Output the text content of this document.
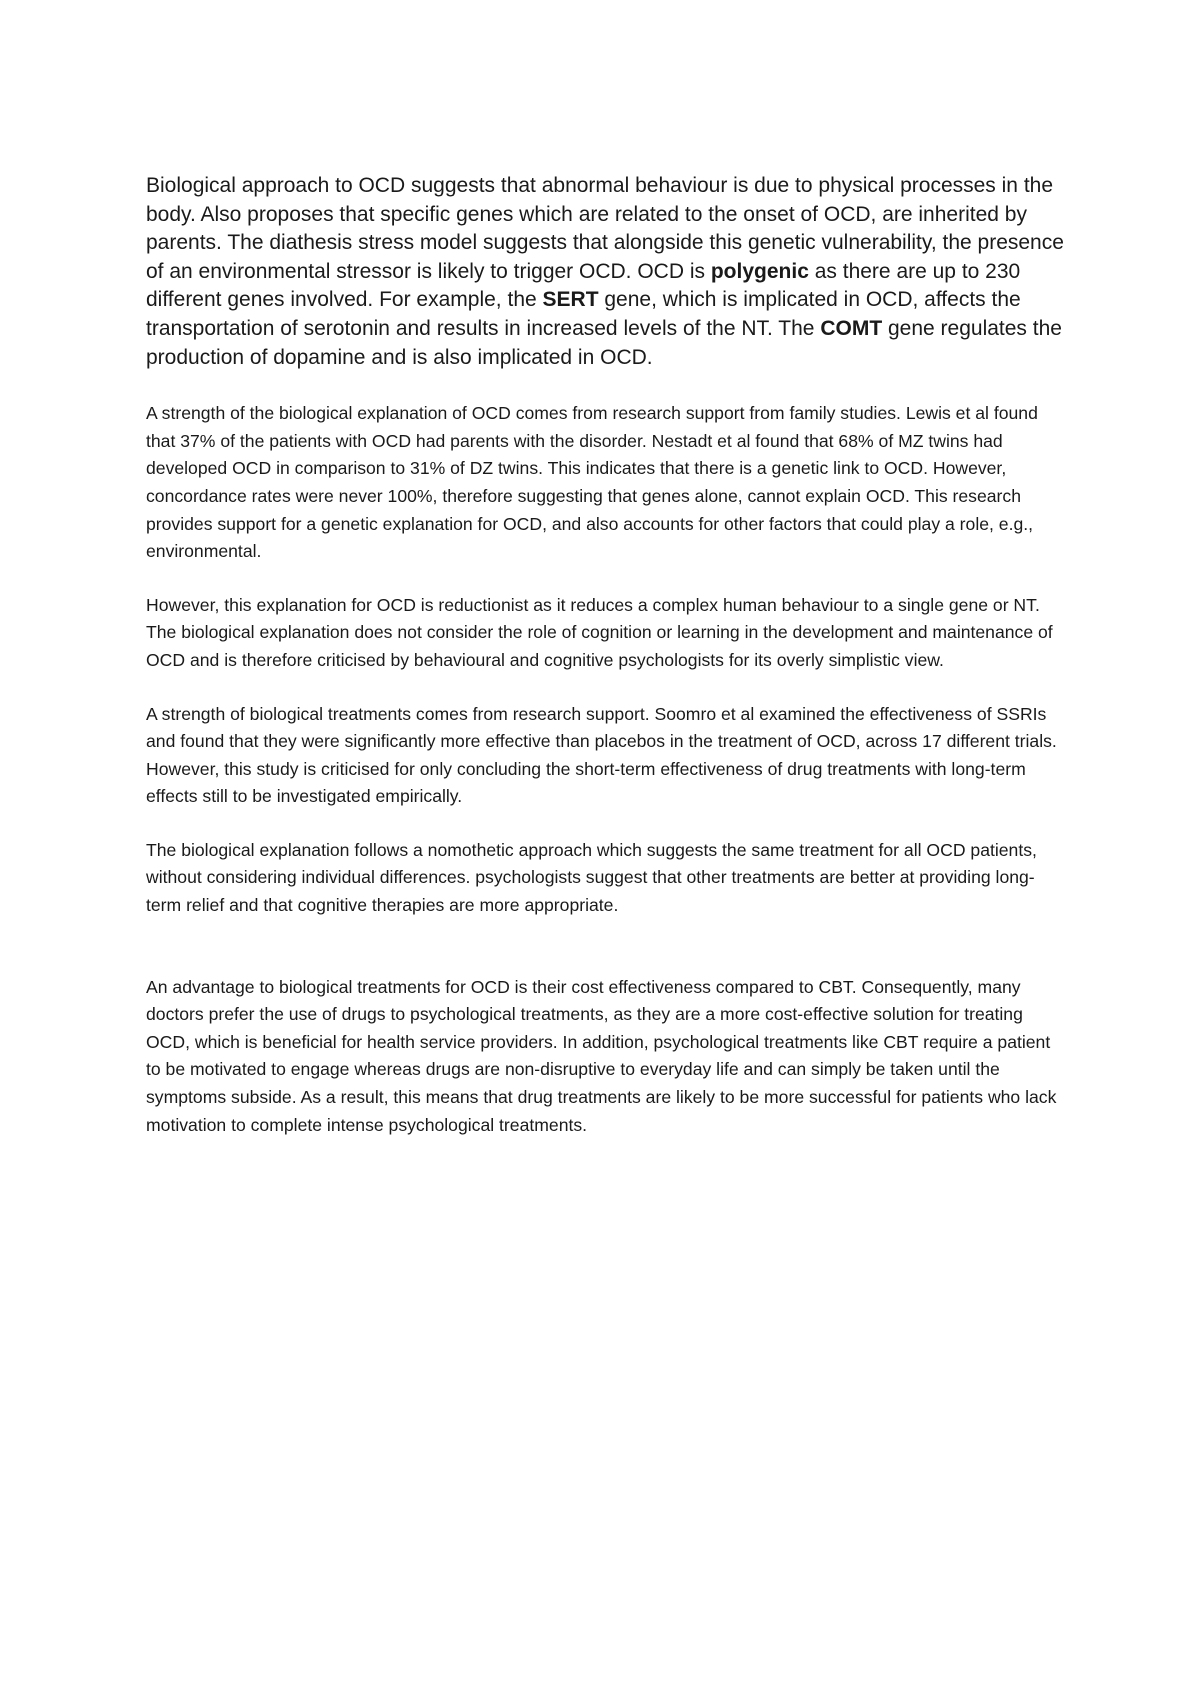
Biological approach to OCD suggests that abnormal behaviour is due to physical processes in the body. Also proposes that specific genes which are related to the onset of OCD, are inherited by parents. The diathesis stress model suggests that alongside this genetic vulnerability, the presence of an environmental stressor is likely to trigger OCD. OCD is polygenic as there are up to 230 different genes involved. For example, the SERT gene, which is implicated in OCD, affects the transportation of serotonin and results in increased levels of the NT. The COMT gene regulates the production of dopamine and is also implicated in OCD.

A strength of the biological explanation of OCD comes from research support from family studies. Lewis et al found that 37% of the patients with OCD had parents with the disorder. Nestadt et al found that 68% of MZ twins had developed OCD in comparison to 31% of DZ twins. This indicates that there is a genetic link to OCD. However, concordance rates were never 100%, therefore suggesting that genes alone, cannot explain OCD. This research provides support for a genetic explanation for OCD, and also accounts for other factors that could play a role, e.g., environmental.

However, this explanation for OCD is reductionist as it reduces a complex human behaviour to a single gene or NT. The biological explanation does not consider the role of cognition or learning in the development and maintenance of OCD and is therefore criticised by behavioural and cognitive psychologists for its overly simplistic view.

A strength of biological treatments comes from research support. Soomro et al examined the effectiveness of SSRIs and found that they were significantly more effective than placebos in the treatment of OCD, across 17 different trials. However, this study is criticised for only concluding the short-term effectiveness of drug treatments with long-term effects still to be investigated empirically.

The biological explanation follows a nomothetic approach which suggests the same treatment for all OCD patients, without considering individual differences. psychologists suggest that other treatments are better at providing long- term relief and that cognitive therapies are more appropriate.

An advantage to biological treatments for OCD is their cost effectiveness compared to CBT. Consequently, many doctors prefer the use of drugs to psychological treatments, as they are a more cost-effective solution for treating OCD, which is beneficial for health service providers. In addition, psychological treatments like CBT require a patient to be motivated to engage whereas drugs are non-disruptive to everyday life and can simply be taken until the symptoms subside. As a result, this means that drug treatments are likely to be more successful for patients who lack motivation to complete intense psychological treatments.
